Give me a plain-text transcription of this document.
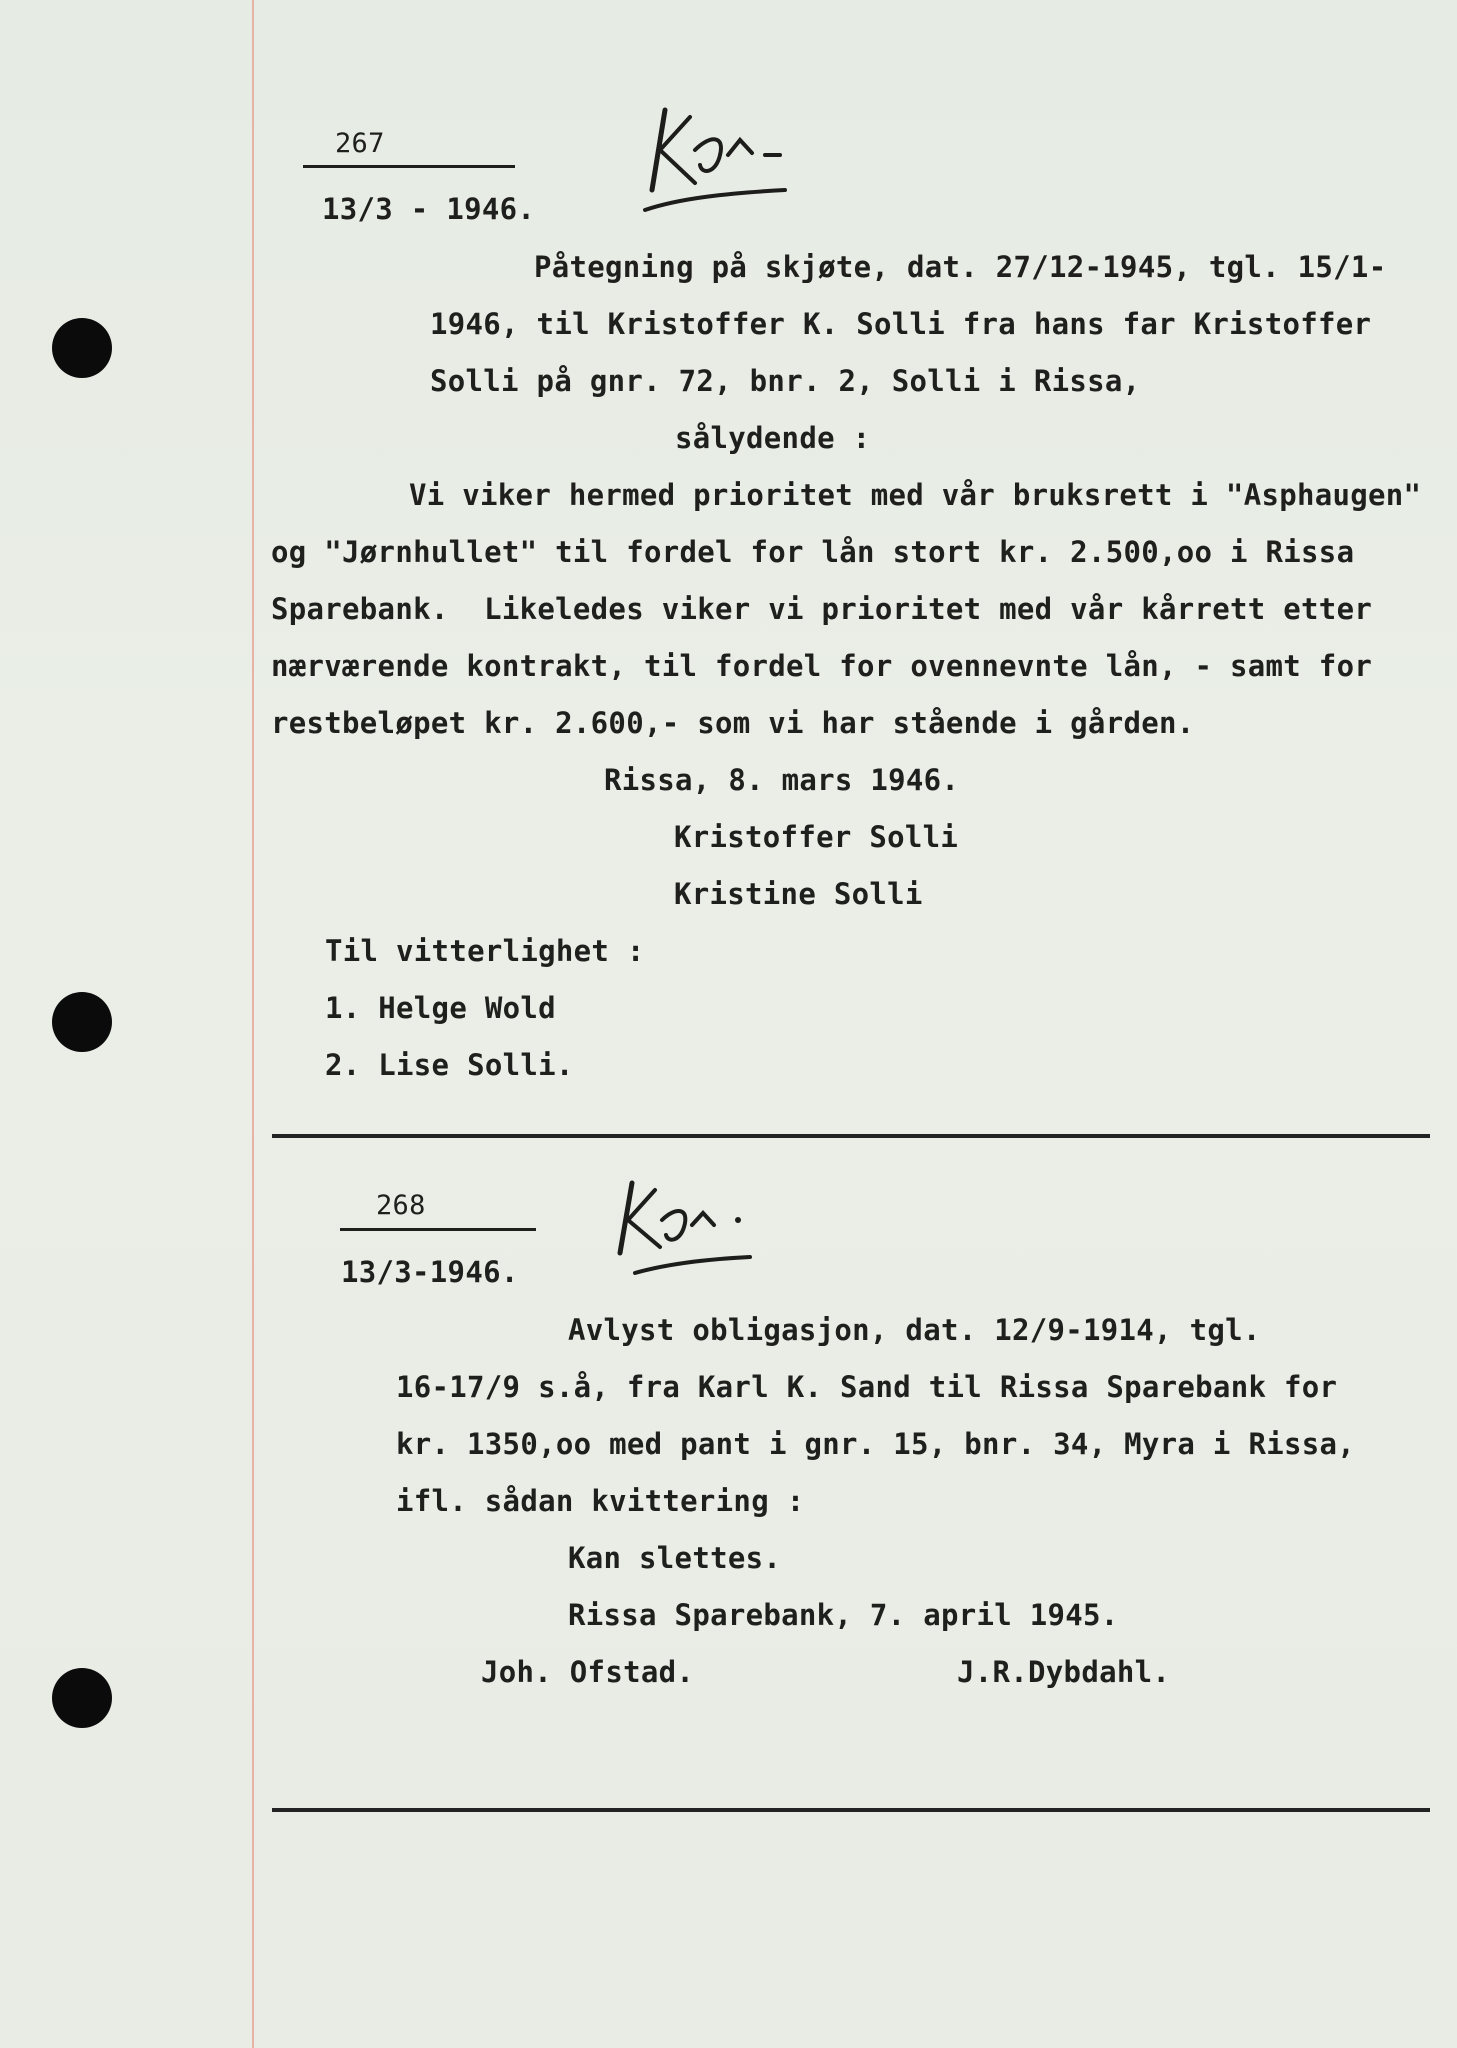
267
13/3 - 1946.
Påtegning på skjøte, dat. 27/12-1945, tgl. 15/1-
1946, til Kristoffer K. Solli fra hans far Kristoffer
Solli på gnr. 72, bnr. 2, Solli i Rissa,
sålydende :
Vi viker hermed prioritet med vår bruksrett i "Asphaugen"
og "Jørnhullet" til fordel for lån stort kr. 2.500,oo i Rissa
Sparebank.  Likeledes viker vi prioritet med vår kårrett etter
nærværende kontrakt, til fordel for ovennevnte lån, - samt for
restbeløpet kr. 2.600,- som vi har stående i gården.
Rissa, 8. mars 1946.
Kristoffer Solli
Kristine Solli
Til vitterlighet :
1. Helge Wold
2. Lise Solli.
268
13/3-1946.
Avlyst obligasjon, dat. 12/9-1914, tgl.
16-17/9 s.å, fra Karl K. Sand til Rissa Sparebank for
kr. 1350,oo med pant i gnr. 15, bnr. 34, Myra i Rissa,
ifl. sådan kvittering :
Kan slettes.
Rissa Sparebank, 7. april 1945.
Joh. Ofstad.	J.R.Dybdahl.
